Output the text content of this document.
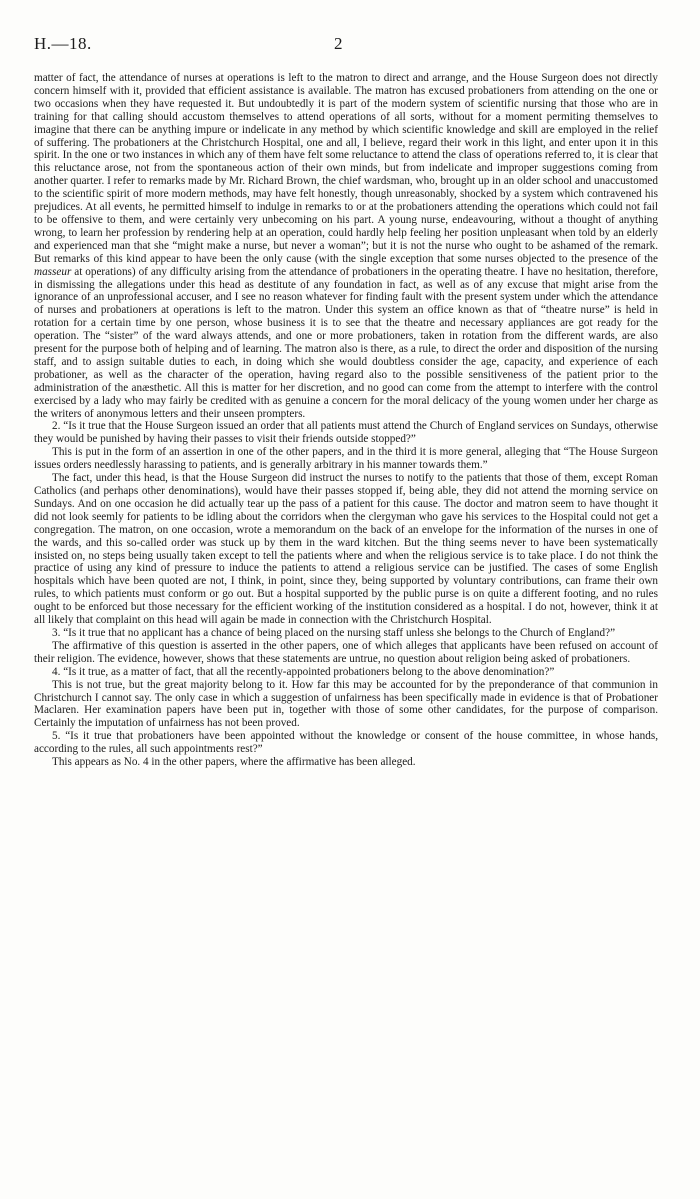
H.—18.	2

matter of fact, the attendance of nurses at operations is left to the matron to direct and arrange, and the House Surgeon does not directly concern himself with it, provided that efficient assistance is available. The matron has excused probationers from attending on the one or two occasions when they have requested it. But undoubtedly it is part of the modern system of scientific nursing that those who are in training for that calling should accustom themselves to attend operations of all sorts, without for a moment permiting themselves to imagine that there can be anything impure or indelicate in any method by which scientific knowledge and skill are employed in the relief of suffering. The probationers at the Christchurch Hospital, one and all, I believe, regard their work in this light, and enter upon it in this spirit. In the one or two instances in which any of them have felt some reluctance to attend the class of operations referred to, it is clear that this reluctance arose, not from the spontaneous action of their own minds, but from indelicate and improper suggestions coming from another quarter. I refer to remarks made by Mr. Richard Brown, the chief wardsman, who, brought up in an older school and unaccustomed to the scientific spirit of more modern methods, may have felt honestly, though unreasonably, shocked by a system which contravened his prejudices. At all events, he permitted himself to indulge in remarks to or at the probationers attending the operations which could not fail to be offensive to them, and were certainly very unbecoming on his part. A young nurse, endeavouring, without a thought of anything wrong, to learn her profession by rendering help at an operation, could hardly help feeling her position unpleasant when told by an elderly and experienced man that she “might make a nurse, but never a woman”; but it is not the nurse who ought to be ashamed of the remark. But remarks of this kind appear to have been the only cause (with the single exception that some nurses objected to the presence of the masseur at operations) of any difficulty arising from the attendance of probationers in the operating theatre. I have no hesitation, therefore, in dismissing the allegations under this head as destitute of any foundation in fact, as well as of any excuse that might arise from the ignorance of an unprofessional accuser, and I see no reason whatever for finding fault with the present system under which the attendance of nurses and probationers at operations is left to the matron. Under this system an office known as that of “theatre nurse” is held in rotation for a certain time by one person, whose business it is to see that the theatre and necessary appliances are got ready for the operation. The “sister” of the ward always attends, and one or more probationers, taken in rotation from the different wards, are also present for the purpose both of helping and of learning. The matron also is there, as a rule, to direct the order and disposition of the nursing staff, and to assign suitable duties to each, in doing which she would doubtless consider the age, capacity, and experience of each probationer, as well as the character of the operation, having regard also to the possible sensitiveness of the patient prior to the administration of the anæsthetic. All this is matter for her discretion, and no good can come from the attempt to interfere with the control exercised by a lady who may fairly be credited with as genuine a concern for the moral delicacy of the young women under her charge as the writers of anonymous letters and their unseen prompters.

2. “Is it true that the House Surgeon issued an order that all patients must attend the Church of England services on Sundays, otherwise they would be punished by having their passes to visit their friends outside stopped?”

This is put in the form of an assertion in one of the other papers, and in the third it is more general, alleging that “The House Surgeon issues orders needlessly harassing to patients, and is generally arbitrary in his manner towards them.”

The fact, under this head, is that the House Surgeon did instruct the nurses to notify to the patients that those of them, except Roman Catholics (and perhaps other denominations), would have their passes stopped if, being able, they did not attend the morning service on Sundays. And on one occasion he did actually tear up the pass of a patient for this cause. The doctor and matron seem to have thought it did not look seemly for patients to be idling about the corridors when the clergyman who gave his services to the Hospital could not get a congregation. The matron, on one occasion, wrote a memorandum on the back of an envelope for the information of the nurses in one of the wards, and this so-called order was stuck up by them in the ward kitchen. But the thing seems never to have been systematically insisted on, no steps being usually taken except to tell the patients where and when the religious service is to take place. I do not think the practice of using any kind of pressure to induce the patients to attend a religious service can be justified. The cases of some English hospitals which have been quoted are not, I think, in point, since they, being supported by voluntary contributions, can frame their own rules, to which patients must conform or go out. But a hospital supported by the public purse is on quite a different footing, and no rules ought to be enforced but those necessary for the efficient working of the institution considered as a hospital. I do not, however, think it at all likely that complaint on this head will again be made in connection with the Christchurch Hospital.

3. “Is it true that no applicant has a chance of being placed on the nursing staff unless she belongs to the Church of England?”

The affirmative of this question is asserted in the other papers, one of which alleges that applicants have been refused on account of their religion. The evidence, however, shows that these statements are untrue, no question about religion being asked of probationers.

4. “Is it true, as a matter of fact, that all the recently-appointed probationers belong to the above denomination?”

This is not true, but the great majority belong to it. How far this may be accounted for by the preponderance of that communion in Christchurch I cannot say. The only case in which a suggestion of unfairness has been specifically made in evidence is that of Probationer Maclaren. Her examination papers have been put in, together with those of some other candidates, for the purpose of comparison. Certainly the imputation of unfairness has not been proved.

5. “Is it true that probationers have been appointed without the knowledge or consent of the house committee, in whose hands, according to the rules, all such appointments rest?”

This appears as No. 4 in the other papers, where the affirmative has been alleged.
